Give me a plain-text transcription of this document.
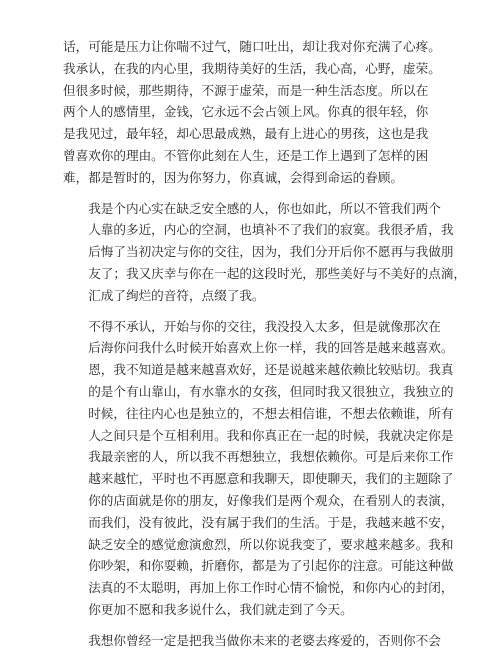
话，可能是压力让你喘不过气，随口吐出，却让我对你充满了心疼。
我承认，在我的内心里，我期待美好的生活，我心高，心野，虚荣。
但很多时候，那些期待，不源于虚荣，而是一种生活态度。所以在
两个人的感情里，金钱，它永远不会占领上风。你真的很年轻，你
是我见过，最年轻，却心思最成熟，最有上进心的男孩，这也是我
曾喜欢你的理由。不管你此刻在人生，还是工作上遇到了怎样的困
难，都是暂时的，因为你努力，你真诚，会得到命运的眷顾。
我是个内心实在缺乏安全感的人，你也如此，所以不管我们两个
人靠的多近，内心的空洞，也填补不了我们的寂寞。我很矛盾，我
后悔了当初决定与你的交往，因为，我们分开后你不愿再与我做朋
友了；我又庆幸与你在一起的这段时光，那些美好与不美好的点滴，
汇成了绚烂的音符，点缀了我。
不得不承认，开始与你的交往，我没投入太多，但是就像那次在
后海你问我什么时候开始喜欢上你一样，我的回答是越来越喜欢。
恩，我不知道是越来越喜欢好，还是说越来越依赖比较贴切。我真
的是个有山靠山，有水靠水的女孩，但同时我又很独立，我独立的
时候，往往内心也是独立的，不想去相信谁，不想去依赖谁，所有
人之间只是个互相利用。我和你真正在一起的时候，我就决定你是
我最亲密的人，所以我不再想独立，我想依赖你。可是后来你工作
越来越忙，平时也不再愿意和我聊天，即使聊天，我们的主题除了
你的店面就是你的朋友，好像我们是两个观众，在看别人的表演，
而我们，没有彼此，没有属于我们的生活。于是，我越来越不安，
缺乏安全的感觉愈演愈烈，所以你说我变了，要求越来越多。我和
你吵架，和你耍赖，折磨你，都是为了引起你的注意。可能这种做
法真的不太聪明，再加上你工作时心情不愉悦，和你内心的封闭，
你更加不愿和我多说什么，我们就走到了今天。
我想你曾经一定是把我当做你未来的老婆去疼爱的，否则你不会
